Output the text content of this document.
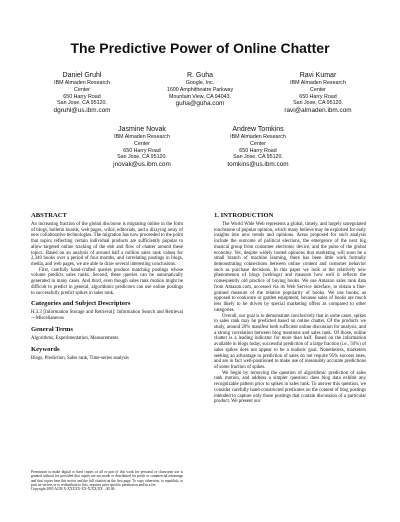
The Predictive Power of Online Chatter
Daniel Gruhl
IBM Almaden Research
Center
650 Harry Road
San Jose, CA 95120.
dgruhl@us.ibm.com
R. Guha
Google, Inc.
1600 Amphitheatre Parkway
Mountain View, CA 94043.
guha@guha.com
Ravi Kumar
IBM Almaden Research
Center
650 Harry Road
San Jose, CA 95120.
ravi@almaden.ibm.com
Jasmine Novak
IBM Almaden Research
Center
650 Harry Road
San Jose, CA 95120.
jnovak@us.ibm.com
Andrew Tomkins
IBM Almaden Research
Center
650 Harry Road
San Jose, CA 95120.
tomkins@us.ibm.com
ABSTRACT

An increasing fraction of the global discourse is migrating online in the form of blogs, bulletin boards, web pages, wikis, editorials, and a dizzying array of new collaborative technologies. The migration has now proceeded to the point that topics reflecting certain individual products are sufficiently popular to allow targeted online tracking of the ebb and flow of chatter around these topics. Based on an analysis of around half a million sales rank values for 2,340 books over a period of four months, and correlating postings in blogs, media, and web pages, we are able to draw several interesting conclusions.

First, carefully hand-crafted queries produce matching postings whose volume predicts sales ranks. Second, these queries can be automatically generated in many cases. And third, even though sales rank motion might be difficult to predict in general, algorithmic predictors can use online postings to successfully predict spikes in sales rank.

Categories and Subject Descriptors

H.3.3 [Information Storage and Retrieval]: Information Search and Retrieval—Miscellaneous

General Terms

Algorithms, Experimentation, Measurements

Keywords

Blogs, Prediction, Sales rank, Time-series analysis

Permission to make digital or hard copies of all or part of this work for personal or classroom use is granted without fee provided that copies are not made or distributed for profit or commercial advantage and that copies bear this notice and the full citation on the first page. To copy otherwise, to republish, to post on servers or to redistribute to lists, requires prior specific permission and/or a fee.
Copyright 2005 ACM X-XXXXX-XX-X/XX/XX ...$5.00.

1. INTRODUCTION

The World Wide Web represents a global, timely, and largely unregulated touchstone of popular opinion, which many believe may be exploited for early insights into new trends and opinions. Areas proposed for such analysis include the outcome of political elections, the emergence of the next big musical group from consumer electronic device, and the pulse of the global economy. Yet, despite widely touted opinions that marketing will soon be a small branch of machine learning, there has been little work formally demonstrating connections between online content and customer behavior such as purchase decisions. In this paper we look at the relatively new phenomenon of blogs (weblogs) and measure how well it reflects the consequently old practice of buying books. We use Amazon sales rank data from Amazon.com, accessed via its Web Service interface, to obtain a fine-grained measure of the relative popularity of books. We use books, as opposed to cookware or garden equipment, because sales of books are much less likely to be driven by special marketing offers as compared to other categories.

Overall, our goal is to demonstrate conclusively that in some cases, spikes in sales rank may be predicted based on online chatter. Of the products we study, around 20% manifest both sufficient online discussion for analysis, and a strong correlation between blog mentions and sales rank. Of those, online chatter is a leading indicator for more than half. Based on the information available in blogs today, successful prediction of a large fraction (i.e., 50%) of sales spikes does not appear to be a realistic goal. Nonetheless, marketers seeking an advantage in prediction of sales do not require 95% success rates, and are in fact well-positioned to make use of reasonably accurate predictions of some fraction of spikes.

We begin by removing the question of algorithmic prediction of sales rank motion, and address a simpler question: does blog data exhibit any recognizable pattern prior to spikes in sales rank. To answer this question, we consider carefully hand-constructed predicates on the content of blog postings intended to capture only those postings that contain discussion of a particular product. We present our
